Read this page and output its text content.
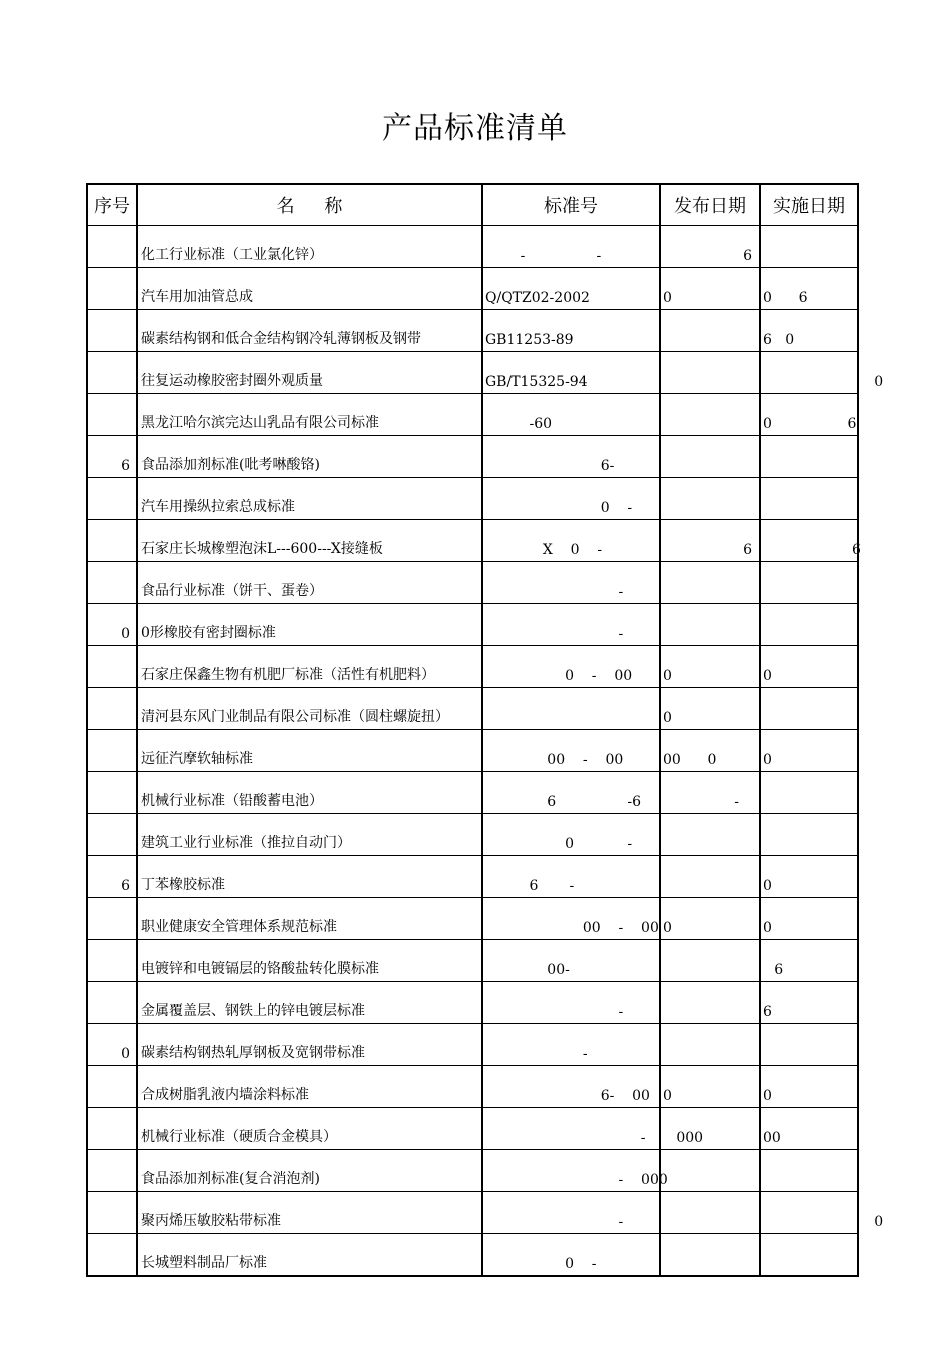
产品标准清单
序号	名 称	标准号	发布日期	实施日期
	化工行业标准（工业氯化锌）	-                -	6	
	汽车用加油管总成	Q/QTZ02-2002	0	0      6
	碳素结构钢和低合金结构钢冷轧薄钢板及钢带	GB11253-89		6   0
	往复运动橡胶密封圈外观质量	GB/T15325-94		0
	黑龙江哈尔滨完达山乳品有限公司标准	-60		0                 6
6	食品添加剂标准(吡考啉酸铬)	6-		
	汽车用操纵拉索总成标准	0    -		
	石家庄长城橡塑泡沫L---600---X接缝板	X    0    -	6	6
	食品行业标准（饼干、蛋卷）	-		
0	0形橡胶有密封圈标准	-		
	石家庄保鑫生物有机肥厂标准（活性有机肥料）	0    -    00	0	0
	清河县东风门业制品有限公司标准（圆柱螺旋扭）		0	
	远征汽摩软轴标准	00    -    00	00      0	0
	机械行业标准（铅酸蓄电池）	6                -6	-	
	建筑工业行业标准（推拉自动门）	0            -		
6	丁苯橡胶标准	6       -		0
	职业健康安全管理体系规范标准	00    -    00	0	0
	电镀锌和电镀镉层的铬酸盐转化膜标准	00-	6	
	金属覆盖层、钢铁上的锌电镀层标准	-		6
0	碳素结构钢热轧厚钢板及宽钢带标准	-		
	合成树脂乳液内墙涂料标准	6-    00	0	0
	机械行业标准（硬质合金模具）	-	000	00
	食品添加剂标准(复合消泡剂)	-    000		
	聚丙烯压敏胶粘带标准	-		0
	长城塑料制品厂标准	0    -		
